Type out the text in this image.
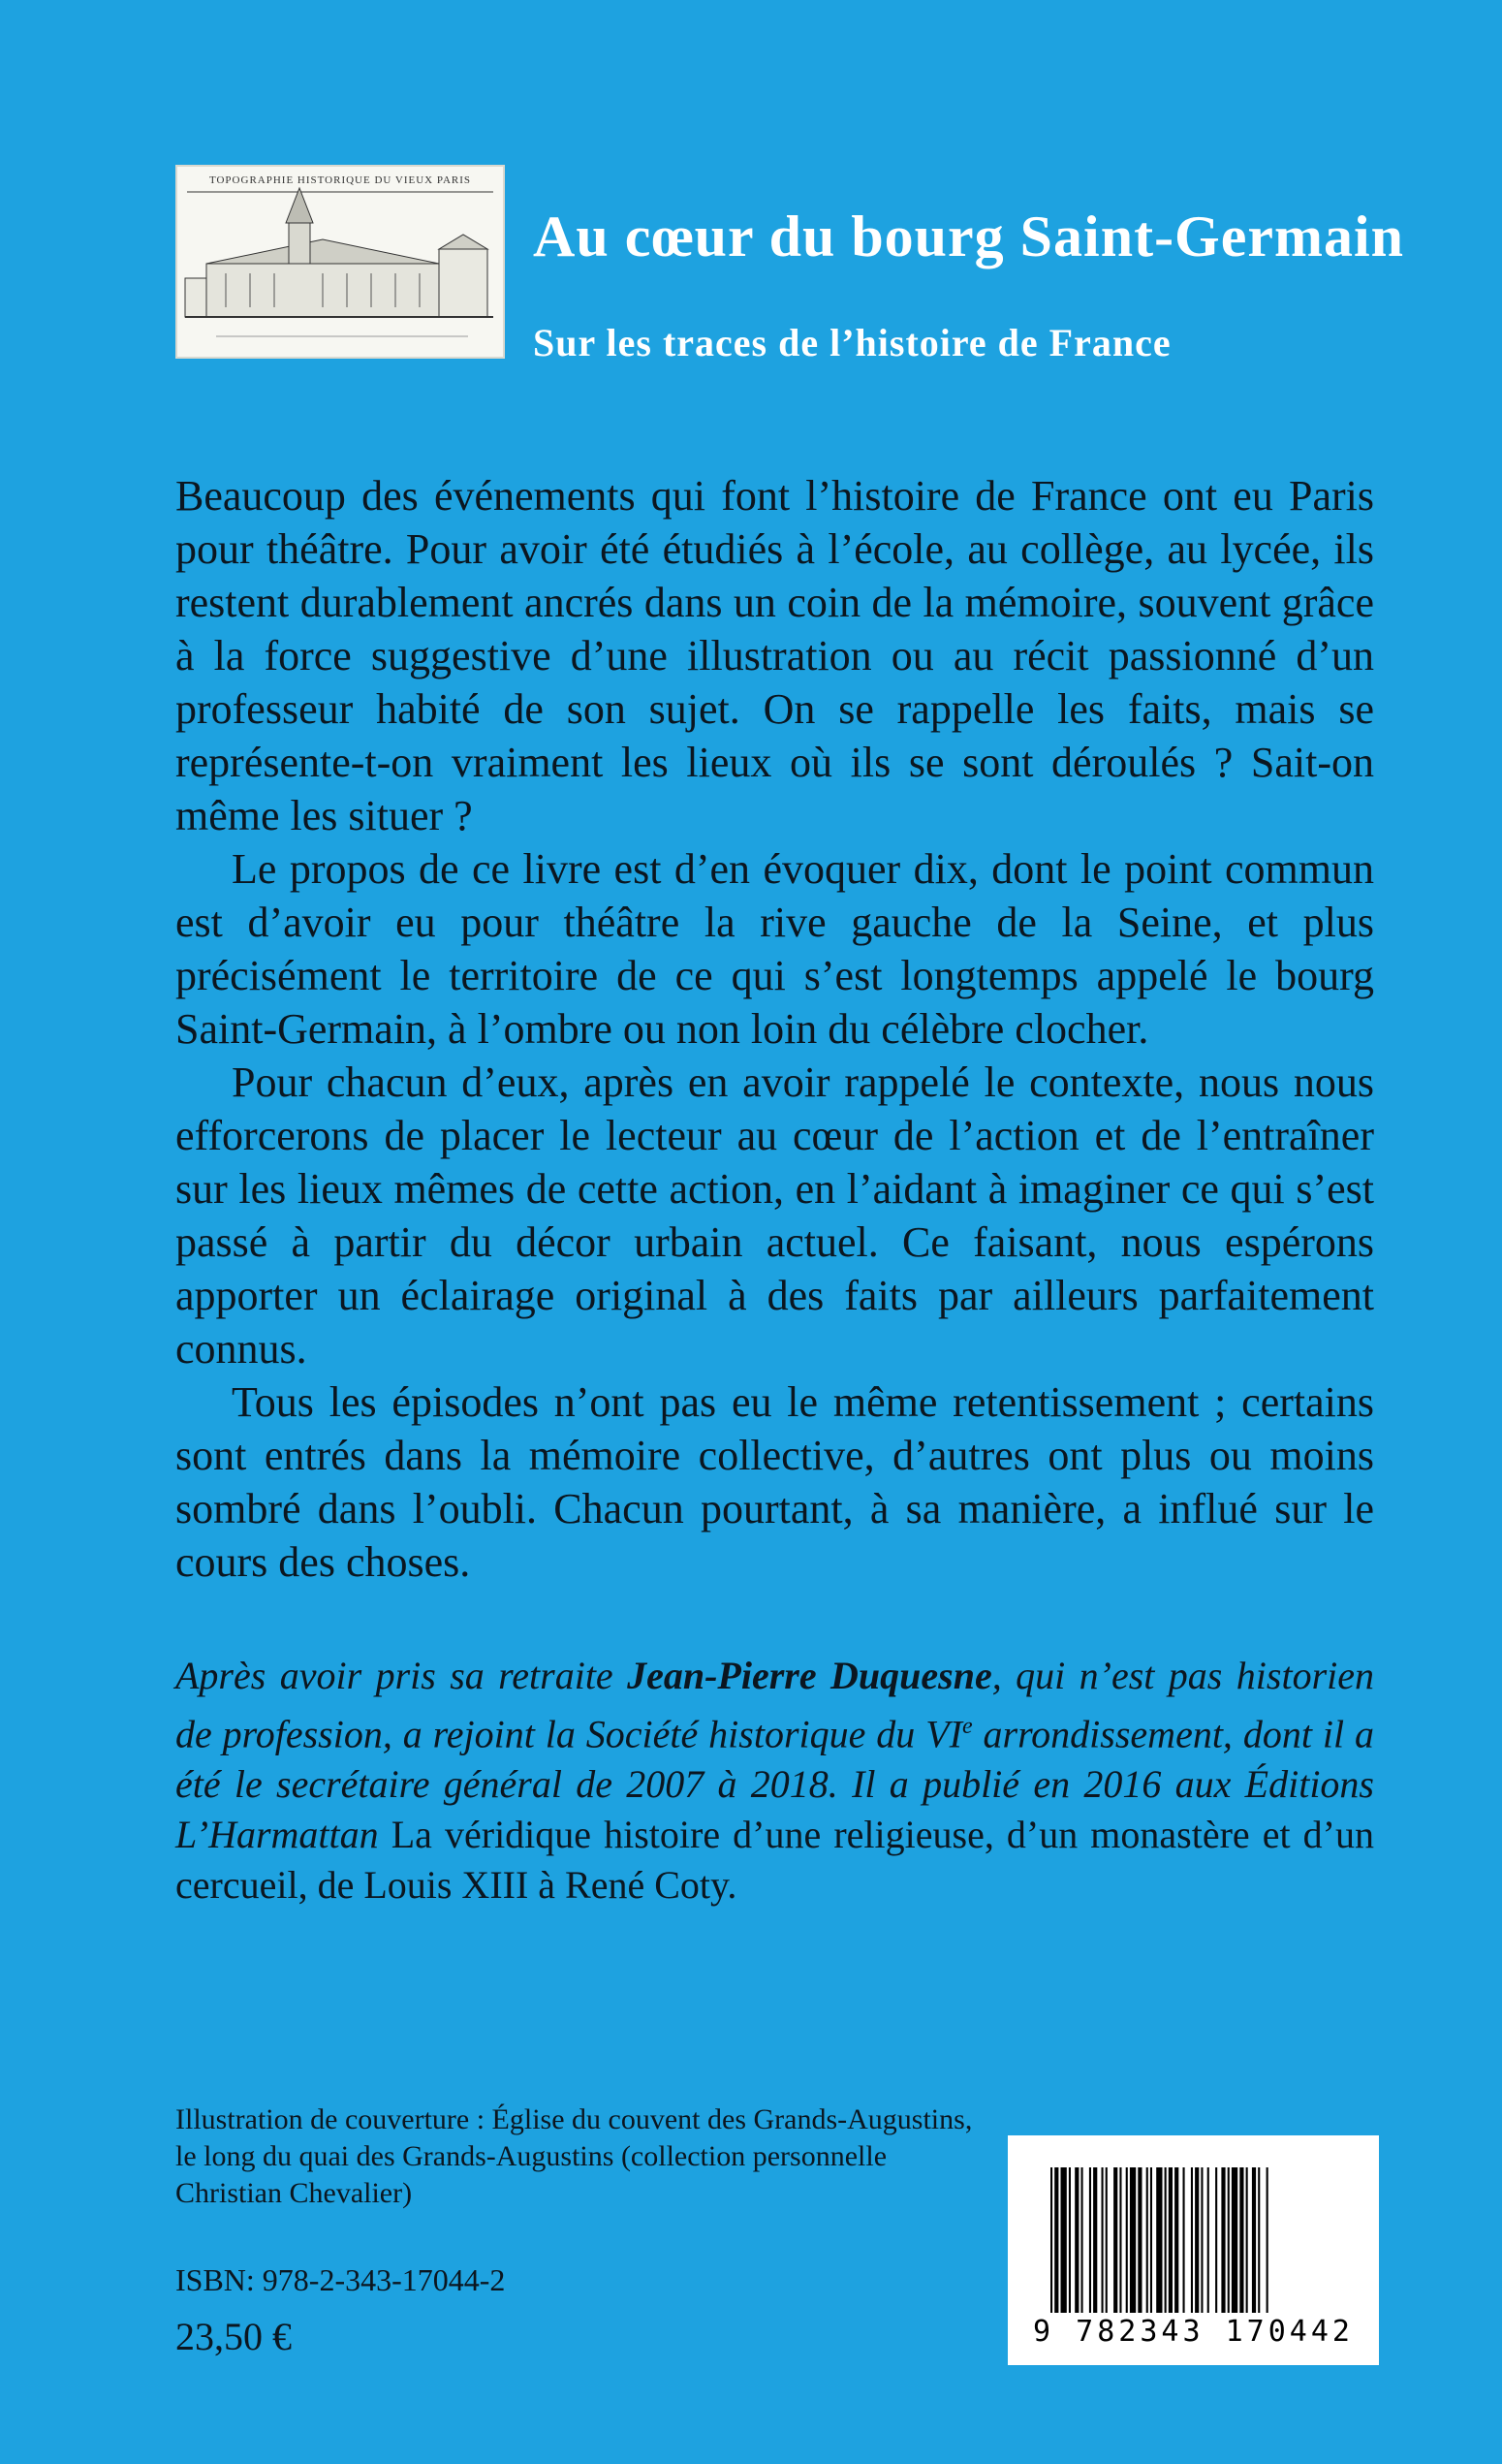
TOPOGRAPHIE HISTORIQUE DU VIEUX PARIS
Au cœur du bourg Saint-Germain
Sur les traces de l’histoire de France

Beaucoup des événements qui font l’histoire de France ont eu Paris pour théâtre. Pour avoir été étudiés à l’école, au collège, au lycée, ils restent durablement ancrés dans un coin de la mémoire, souvent grâce à la force suggestive d’une illustration ou au récit passionné d’un professeur habité de son sujet. On se rappelle les faits, mais se représente-t-on vraiment les lieux où ils se sont déroulés ? Sait-on même les situer ?

Le propos de ce livre est d’en évoquer dix, dont le point commun est d’avoir eu pour théâtre la rive gauche de la Seine, et plus précisément le territoire de ce qui s’est longtemps appelé le bourg Saint-Germain, à l’ombre ou non loin du célèbre clocher.

Pour chacun d’eux, après en avoir rappelé le contexte, nous nous efforcerons de placer le lecteur au cœur de l’action et de l’entraîner sur les lieux mêmes de cette action, en l’aidant à imaginer ce qui s’est passé à partir du décor urbain actuel. Ce faisant, nous espérons apporter un éclairage original à des faits par ailleurs parfaitement connus.

Tous les épisodes n’ont pas eu le même retentissement ; certains sont entrés dans la mémoire collective, d’autres ont plus ou moins sombré dans l’oubli. Chacun pourtant, à sa manière, a influé sur le cours des choses.

Après avoir pris sa retraite Jean-Pierre Duquesne, qui n’est pas historien de profession, a rejoint la Société historique du VIe arrondissement, dont il a été le secrétaire général de 2007 à 2018. Il a publié en 2016 aux Éditions L’Harmattan La véridique histoire d’une religieuse, d’un monastère et d’un cercueil, de Louis XIII à René Coty.
Illustration de couverture : Église du couvent des Grands-Augustins, le long du quai des Grands-Augustins (collection personnelle Christian Chevalier)
ISBN: 978-2-343-17044-2
23,50 €	9 782343 170442
